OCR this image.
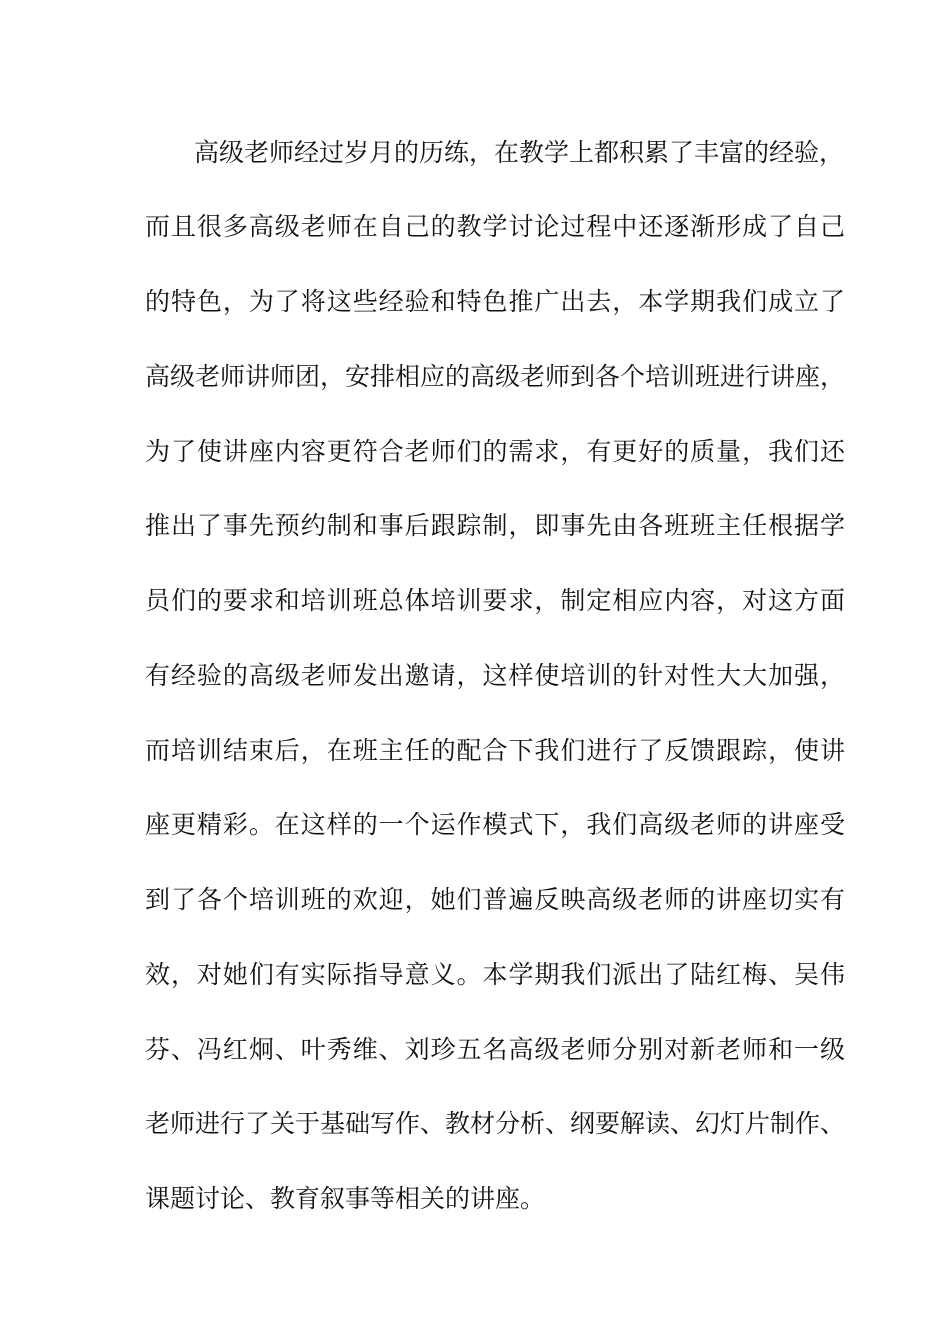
高级老师经过岁月的历练，在教学上都积累了丰富的经验，
而且很多高级老师在自己的教学讨论过程中还逐渐形成了自己
的特色，为了将这些经验和特色推广出去，本学期我们成立了
高级老师讲师团，安排相应的高级老师到各个培训班进行讲座，
为了使讲座内容更符合老师们的需求，有更好的质量，我们还
推出了事先预约制和事后跟踪制，即事先由各班班主任根据学
员们的要求和培训班总体培训要求，制定相应内容，对这方面
有经验的高级老师发出邀请，这样使培训的针对性大大加强，
而培训结束后，在班主任的配合下我们进行了反馈跟踪，使讲
座更精彩。在这样的一个运作模式下，我们高级老师的讲座受
到了各个培训班的欢迎，她们普遍反映高级老师的讲座切实有
效，对她们有实际指导意义。本学期我们派出了陆红梅、吴伟
芬、冯红炯、叶秀维、刘珍五名高级老师分别对新老师和一级
老师进行了关于基础写作、教材分析、纲要解读、幻灯片制作、
课题讨论、教育叙事等相关的讲座。
